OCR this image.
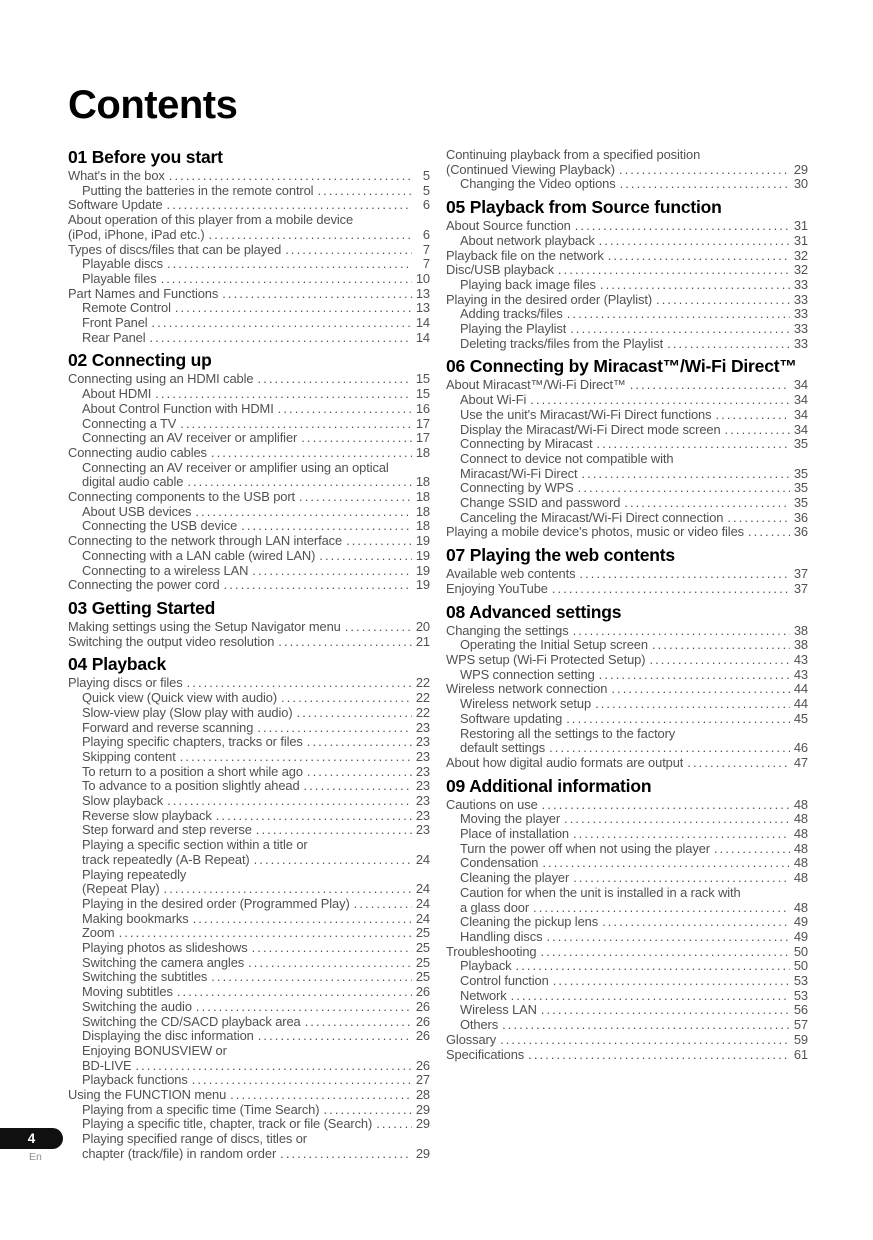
Contents
01 Before you start
What's in the box .....	5
Putting the batteries in the remote control .....	5
Software Update .....	6
About operation of this player from a mobile device
(iPod, iPhone, iPad etc.) .....	6
Types of discs/files that can be played .....	7
Playable discs .....	7
Playable files .....	10
Part Names and Functions .....	13
Remote Control .....	13
Front Panel .....	14
Rear Panel .....	14
02 Connecting up
Connecting using an HDMI cable .....	15
About HDMI .....	15
About Control Function with HDMI .....	16
Connecting a TV .....	17
Connecting an AV receiver or amplifier .....	17
Connecting audio cables .....	18
Connecting an AV receiver or amplifier using an optical
digital audio cable .....	18
Connecting components to the USB port .....	18
About USB devices .....	18
Connecting the USB device .....	18
Connecting to the network through LAN interface .....	19
Connecting with a LAN cable (wired LAN) .....	19
Connecting to a wireless LAN .....	19
Connecting the power cord .....	19
03 Getting Started
Making settings using the Setup Navigator menu .....	20
Switching the output video resolution .....	21
04 Playback
Playing discs or files .....	22
Quick view (Quick view with audio) .....	22
Slow-view play (Slow play with audio) .....	22
Forward and reverse scanning .....	23
Playing specific chapters, tracks or files .....	23
Skipping content .....	23
To return to a position a short while ago .....	23
To advance to a position slightly ahead .....	23
Slow playback .....	23
Reverse slow playback .....	23
Step forward and step reverse .....	23
Playing a specific section within a title or
track repeatedly (A-B Repeat) .....	24
Playing repeatedly
(Repeat Play) .....	24
Playing in the desired order (Programmed Play) .....	24
Making bookmarks .....	24
Zoom .....	25
Playing photos as slideshows .....	25
Switching the camera angles .....	25
Switching the subtitles .....	25
Moving subtitles .....	26
Switching the audio .....	26
Switching the CD/SACD playback area .....	26
Displaying the disc information .....	26
Enjoying BONUSVIEW or
BD-LIVE .....	26
Playback functions .....	27
Using the FUNCTION menu .....	28
Playing from a specific time (Time Search) .....	29
Playing a specific title, chapter, track or file (Search) .....	29
Playing specified range of discs, titles or
chapter (track/file) in random order .....	29
Continuing playback from a specified position
(Continued Viewing Playback) .....	29
Changing the Video options .....	30
05 Playback from Source function
About Source function .....	31
About network playback .....	31
Playback file on the network .....	32
Disc/USB playback .....	32
Playing back image files .....	33
Playing in the desired order (Playlist) .....	33
Adding tracks/files .....	33
Playing the Playlist .....	33
Deleting tracks/files from the Playlist .....	33
06 Connecting by Miracast™/Wi-Fi Direct™
About Miracast™/Wi-Fi Direct™ .....	34
About Wi-Fi .....	34
Use the unit's Miracast/Wi-Fi Direct functions .....	34
Display the Miracast/Wi-Fi Direct mode screen .....	34
Connecting by Miracast .....	35
Connect to device not compatible with
Miracast/Wi-Fi Direct .....	35
Connecting by WPS .....	35
Change SSID and password .....	35
Canceling the Miracast/Wi-Fi Direct connection .....	36
Playing a mobile device's photos, music or video files .....	36
07 Playing the web contents
Available web contents .....	37
Enjoying YouTube .....	37
08 Advanced settings
Changing the settings .....	38
Operating the Initial Setup screen .....	38
WPS setup (Wi-Fi Protected Setup) .....	43
WPS connection setting .....	43
Wireless network connection .....	44
Wireless network setup .....	44
Software updating .....	45
Restoring all the settings to the factory
default settings .....	46
About how digital audio formats are output .....	47
09 Additional information
Cautions on use .....	48
Moving the player .....	48
Place of installation .....	48
Turn the power off when not using the player .....	48
Condensation .....	48
Cleaning the player .....	48
Caution for when the unit is installed in a rack with
a glass door .....	48
Cleaning the pickup lens .....	49
Handling discs .....	49
Troubleshooting .....	50
Playback .....	50
Control function .....	53
Network .....	53
Wireless LAN .....	56
Others .....	57
Glossary .....	59
Specifications .....	61
4
En
